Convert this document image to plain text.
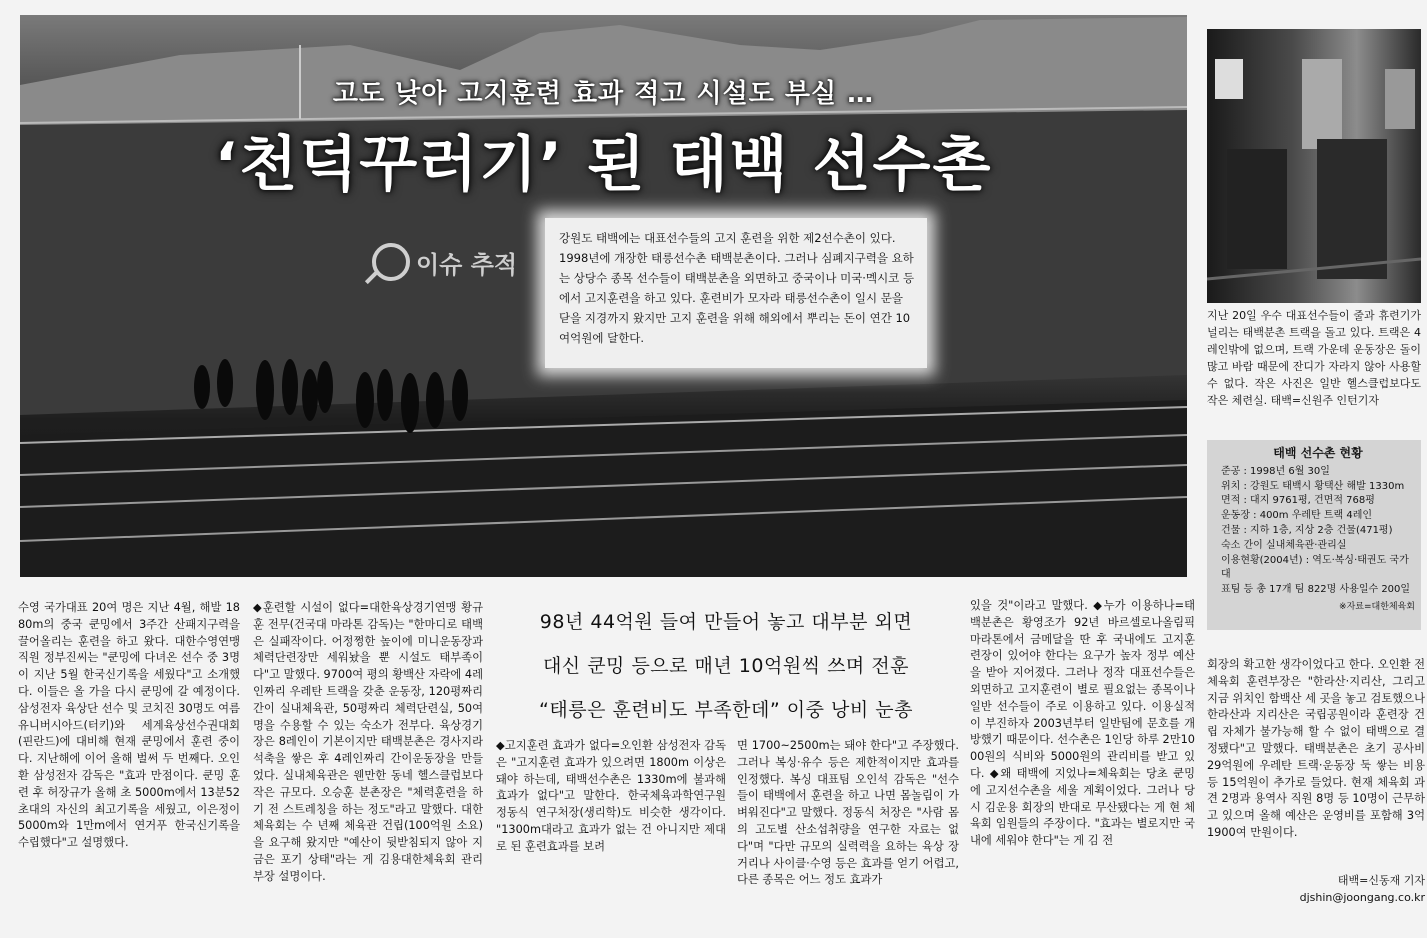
고도 낮아 고지훈련 효과 적고 시설도 부실 …
‘천덕꾸러기’ 된 태백 선수촌
이슈 추적
강원도 태백에는 대표선수들의 고지 훈련을 위한 제2선수촌이 있다. 1998년에 개장한 태릉선수촌 태백분촌이다. 그러나 심폐지구력을 요하는 상당수 종목 선수들이 태백분촌을 외면하고 중국이나 미국·멕시코 등에서 고지훈련을 하고 있다. 훈련비가 모자라 태릉선수촌이 일시 문을 닫을 지경까지 왔지만 고지 훈련을 위해 해외에서 뿌리는 돈이 연간 10여억원에 달한다.
지난 20일 우수 대표선수들이 줄과 휴련기가 널리는 태백분촌 트랙을 돌고 있다. 트랙은 4레인밖에 없으며, 트랙 가운데 운동장은 돌이 많고 바람 때문에 잔디가 자라지 않아 사용할 수 없다. 작은 사진은 일반 헬스클럽보다도 작은 체련실. 태백=신원주 인턴기자
태백 선수촌 현황
준공 : 1998년 6월 30일
위치 : 강원도 태백시 황택산 해발 1330m
면적 : 대지 9761평, 건면적 768평
운동장 : 400m 우레탄 트랙 4레인
건물 : 지하 1층, 지상 2층 건물(471평)
숙소 간이 실내체육관·관리실
이용현황(2004년) : 역도·복싱·태권도 국가대
표팀 등 총 17개 팀 822명 사용일수 200일
※자료=대한체육회
98년 44억원 들여 만들어 놓고 대부분 외면
대신 쿤밍 등으로 매년 10억원씩 쓰며 전훈
“태릉은 훈련비도 부족한데” 이중 낭비 눈총
수영 국가대표 20여 명은 지난 4월, 해발 1880m의 중국 쿤밍에서 3주간 산패지구력을 끌어올리는 훈련을 하고 왔다. 대한수영연맹 직원 정부진씨는 "쿤밍에 다녀온 선수 중 3명이 지난 5월 한국신기록을 세웠다"고 소개했다. 이들은 올 가을 다시 쿤밍에 갈 예정이다. 삼성전자 육상단 선수 및 코치진 30명도 여름유니버시아드(터키)와 세계육상선수권대회(핀란드)에 대비해 현재 쿤밍에서 훈련 중이다. 지난해에 이어 올해 벌써 두 번째다. 오인환 삼성전자 감독은 "효과 만점이다. 쿤밍 훈련 후 허장규가 올해 초 5000m에서 13분52초대의 자신의 최고기록을 세웠고, 이은정이 5000m와 1만m에서 연거푸 한국신기록을 수립했다"고 설명했다.
◆훈련할 시설이 없다=대한육상경기연맹 황규훈 전무(건국대 마라톤 감독)는 "한마디로 태백은 실패작이다. 어정쩡한 높이에 미니운동장과 체력단련장만 세워놨을 뿐 시설도 태부족이다"고 말했다. 9700여 평의 황백산 자락에 4레인짜리 우레탄 트랙을 갖춘 운동장, 120평짜리 간이 실내체육관, 50평짜리 체력단련실, 50여 명을 수용할 수 있는 숙소가 전부다. 육상경기장은 8레인이 기본이지만 태백분촌은 경사지라 석축을 쌓은 후 4레인짜리 간이운동장을 만들었다. 실내체육관은 웬만한 동네 헬스클럽보다 작은 규모다. 오승훈 분촌장은 "체력훈련을 하기 전 스트레칭을 하는 정도"라고 말했다. 대한체육회는 수 년째 체육관 건립(100억원 소요)을 요구해 왔지만 "예산이 뒷받침되지 않아 지금은 포기 상태"라는 게 김용대한체육회 관리부장 설명이다.
◆고지훈련 효과가 없다=오인환 삼성전자 감독은 "고지훈련 효과가 있으려면 1800m 이상은 돼야 하는데, 태백선수촌은 1330m에 불과해 효과가 없다"고 말한다. 한국체육과학연구원 정동식 연구처장(생리학)도 비슷한 생각이다. "1300m대라고 효과가 없는 건 아니지만 제대로 된 훈련효과를 보려
면 1700~2500m는 돼야 한다"고 주장했다. 그러나 복싱·유수 등은 제한적이지만 효과를 인정했다. 복싱 대표팀 오인석 감독은 "선수들이 태백에서 훈련을 하고 나면 몸놀림이 가벼워진다"고 말했다. 정동식 처장은 "사람 몸의 고도별 산소섭취량을 연구한 자료는 없다"며 "다만 규모의 실력력을 요하는 육상 장거리나 사이클·수영 등은 효과를 얻기 어렵고, 다른 종목은 어느 정도 효과가
있을 것"이라고 말했다. ◆누가 이용하나=태백분촌은 황영조가 92년 바르셀로나올림픽 마라톤에서 금메달을 딴 후 국내에도 고지훈련장이 있어야 한다는 요구가 높자 정부 예산을 받아 지어졌다. 그러나 정작 대표선수들은 외면하고 고지훈련이 별로 필요없는 종목이나 일반 선수들이 주로 이용하고 있다. 이용실적이 부진하자 2003년부터 일반팀에 문호를 개방했기 때문이다. 선수촌은 1인당 하루 2만1000원의 식비와 5000원의 관리비를 받고 있다. ◆왜 태백에 지었나=체육회는 당초 쿤밍에 고지선수촌을 세울 계획이었다. 그러나 당시 김운용 회장의 반대로 무산됐다는 게 현 체육회 임원들의 주장이다. "효과는 별로지만 국내에 세워야 한다"는 게 김 전
회장의 확고한 생각이었다고 한다. 오인환 전 체육회 훈련부장은 "한라산·지리산, 그리고 지금 위치인 함백산 세 곳을 놓고 검토했으나 한라산과 지리산은 국립공원이라 훈련장 건립 자체가 불가능해 할 수 없이 태백으로 결정됐다"고 말했다. 태백분촌은 초기 공사비 29억원에 우레탄 트랙·운동장 둑 쌓는 비용 등 15억원이 추가로 들었다. 현재 체육회 과견 2명과 용역사 직원 8명 등 10명이 근무하고 있으며 올해 예산은 운영비를 포함해 3억1900여 만원이다.
태백=신동재 기자
djshin@joongang.co.kr
